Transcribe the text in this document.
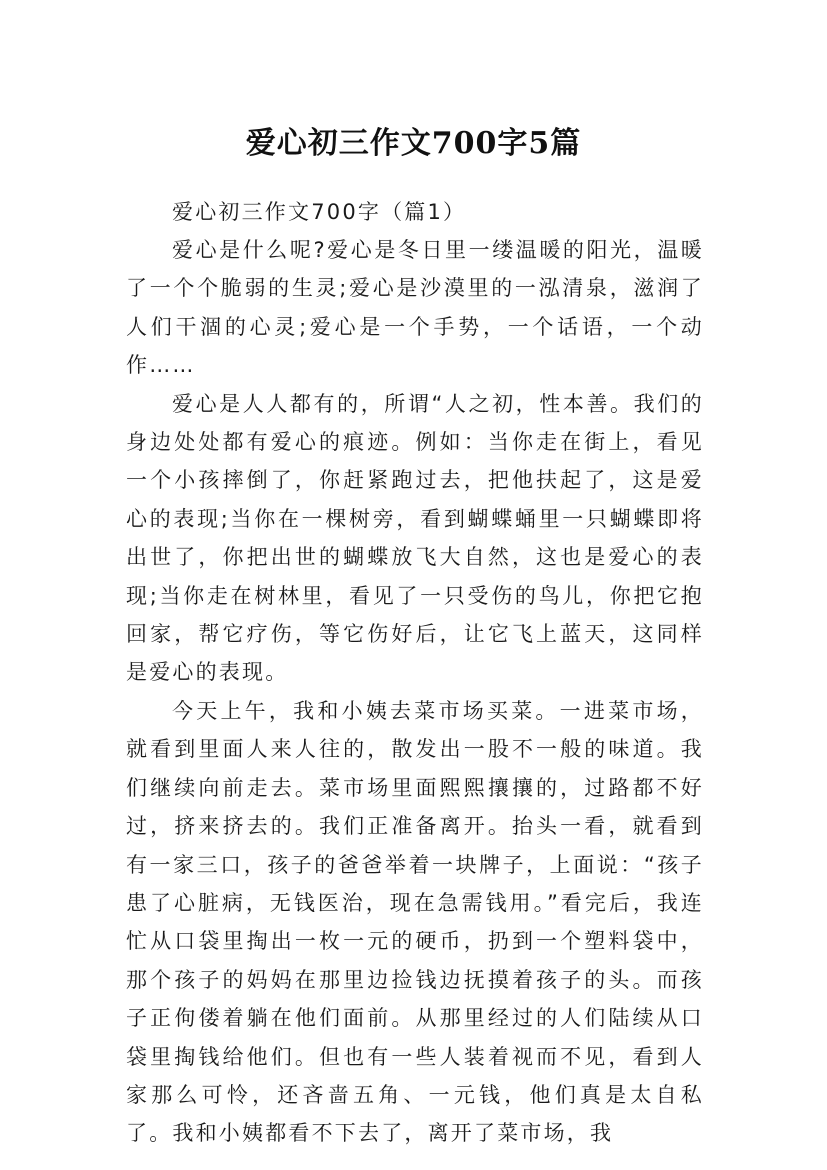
爱心初三作文700字5篇

爱心初三作文700字（篇1）

爱心是什么呢?爱心是冬日里一缕温暖的阳光，温暖了一个个脆弱的生灵;爱心是沙漠里的一泓清泉，滋润了人们干涸的心灵;爱心是一个手势，一个话语，一个动作……

爱心是人人都有的，所谓“人之初，性本善。我们的身边处处都有爱心的痕迹。例如：当你走在街上，看见一个小孩摔倒了，你赶紧跑过去，把他扶起了，这是爱心的表现;当你在一棵树旁，看到蝴蝶蛹里一只蝴蝶即将出世了，你把出世的蝴蝶放飞大自然，这也是爱心的表现;当你走在树林里，看见了一只受伤的鸟儿，你把它抱回家，帮它疗伤，等它伤好后，让它飞上蓝天，这同样是爱心的表现。

今天上午，我和小姨去菜市场买菜。一进菜市场，就看到里面人来人往的，散发出一股不一般的味道。我们继续向前走去。菜市场里面熙熙攘攘的，过路都不好过，挤来挤去的。我们正准备离开。抬头一看，就看到有一家三口，孩子的爸爸举着一块牌子，上面说：“孩子患了心脏病，无钱医治，现在急需钱用。”看完后，我连忙从口袋里掏出一枚一元的硬币，扔到一个塑料袋中，那个孩子的妈妈在那里边捡钱边抚摸着孩子的头。而孩子正佝偻着躺在他们面前。从那里经过的人们陆续从口袋里掏钱给他们。但也有一些人装着视而不见，看到人家那么可怜，还吝啬五角、一元钱，他们真是太自私了。我和小姨都看不下去了，离开了菜市场，我
